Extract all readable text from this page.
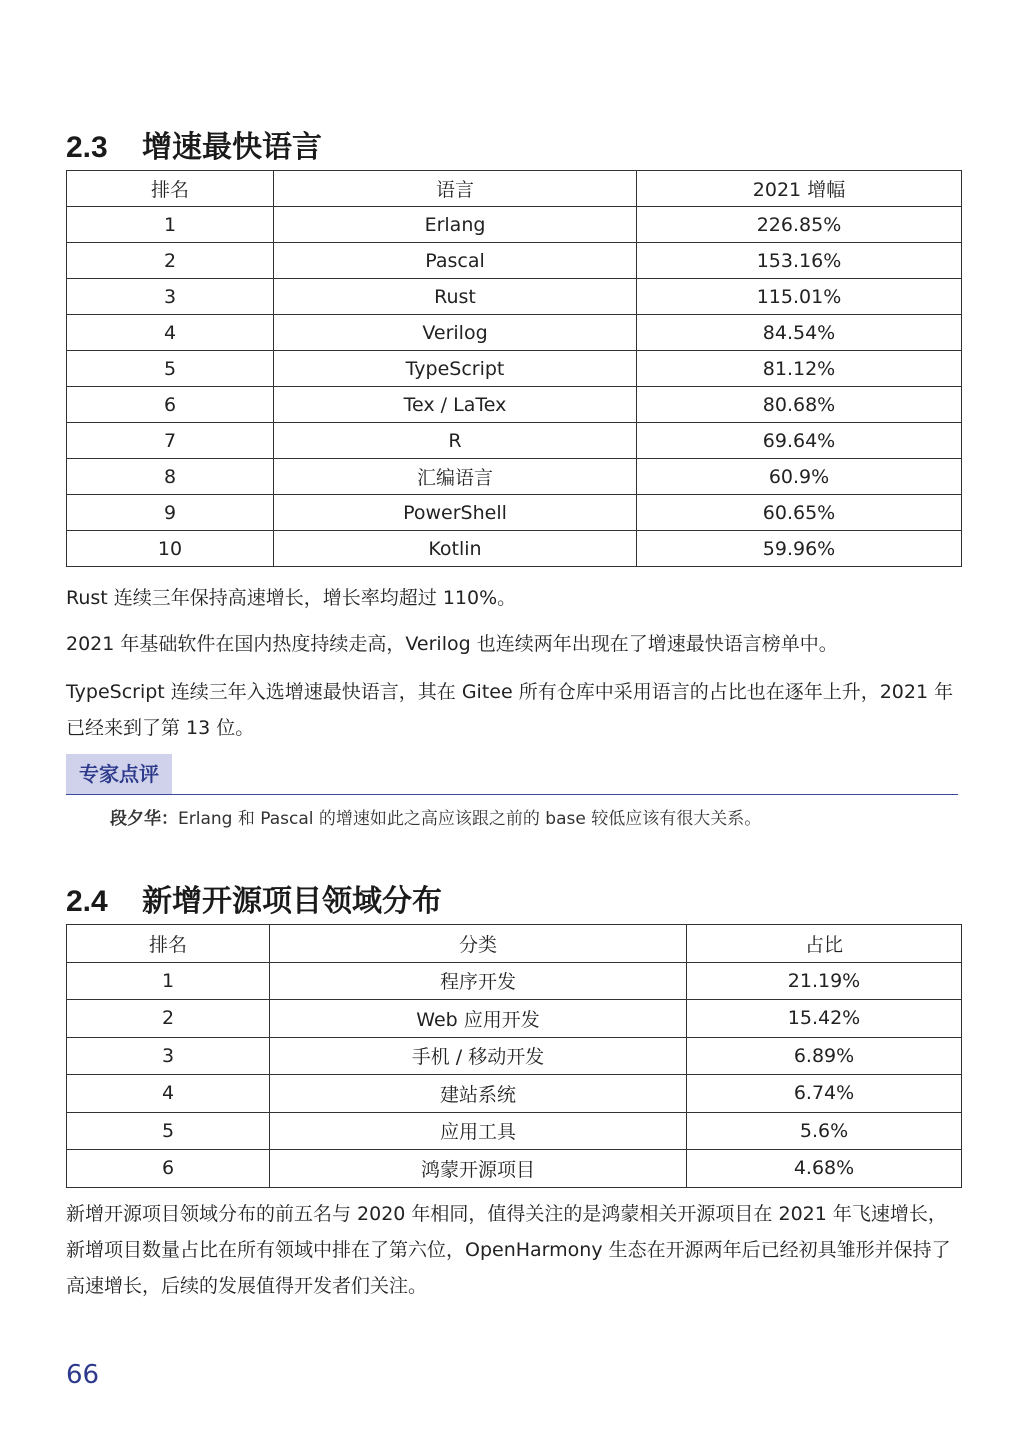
2.3	增速最快语言
排名	语言	2021 增幅
1	Erlang	226.85%
2	Pascal	153.16%
3	Rust	115.01%
4	Verilog	84.54%
5	TypeScript	81.12%
6	Tex / LaTex	80.68%
7	R	69.64%
8	汇编语言	60.9%
9	PowerShell	60.65%
10	Kotlin	59.96%

Rust 连续三年保持高速增长，增长率均超过 110%。

2021 年基础软件在国内热度持续走高，Verilog 也连续两年出现在了增速最快语言榜单中。

TypeScript 连续三年入选增速最快语言，其在 Gitee 所有仓库中采用语言的占比也在逐年上升，2021 年已经来到了第 13 位。

专家点评
段夕华：Erlang 和 Pascal 的增速如此之高应该跟之前的 base 较低应该有很大关系。
2.4	新增开源项目领域分布
排名	分类	占比
1	程序开发	21.19%
2	Web 应用开发	15.42%
3	手机 / 移动开发	6.89%
4	建站系统	6.74%
5	应用工具	5.6%
6	鸿蒙开源项目	4.68%

新增开源项目领域分布的前五名与 2020 年相同，值得关注的是鸿蒙相关开源项目在 2021 年飞速增长，新增项目数量占比在所有领域中排在了第六位，OpenHarmony 生态在开源两年后已经初具雏形并保持了高速增长，后续的发展值得开发者们关注。

66
